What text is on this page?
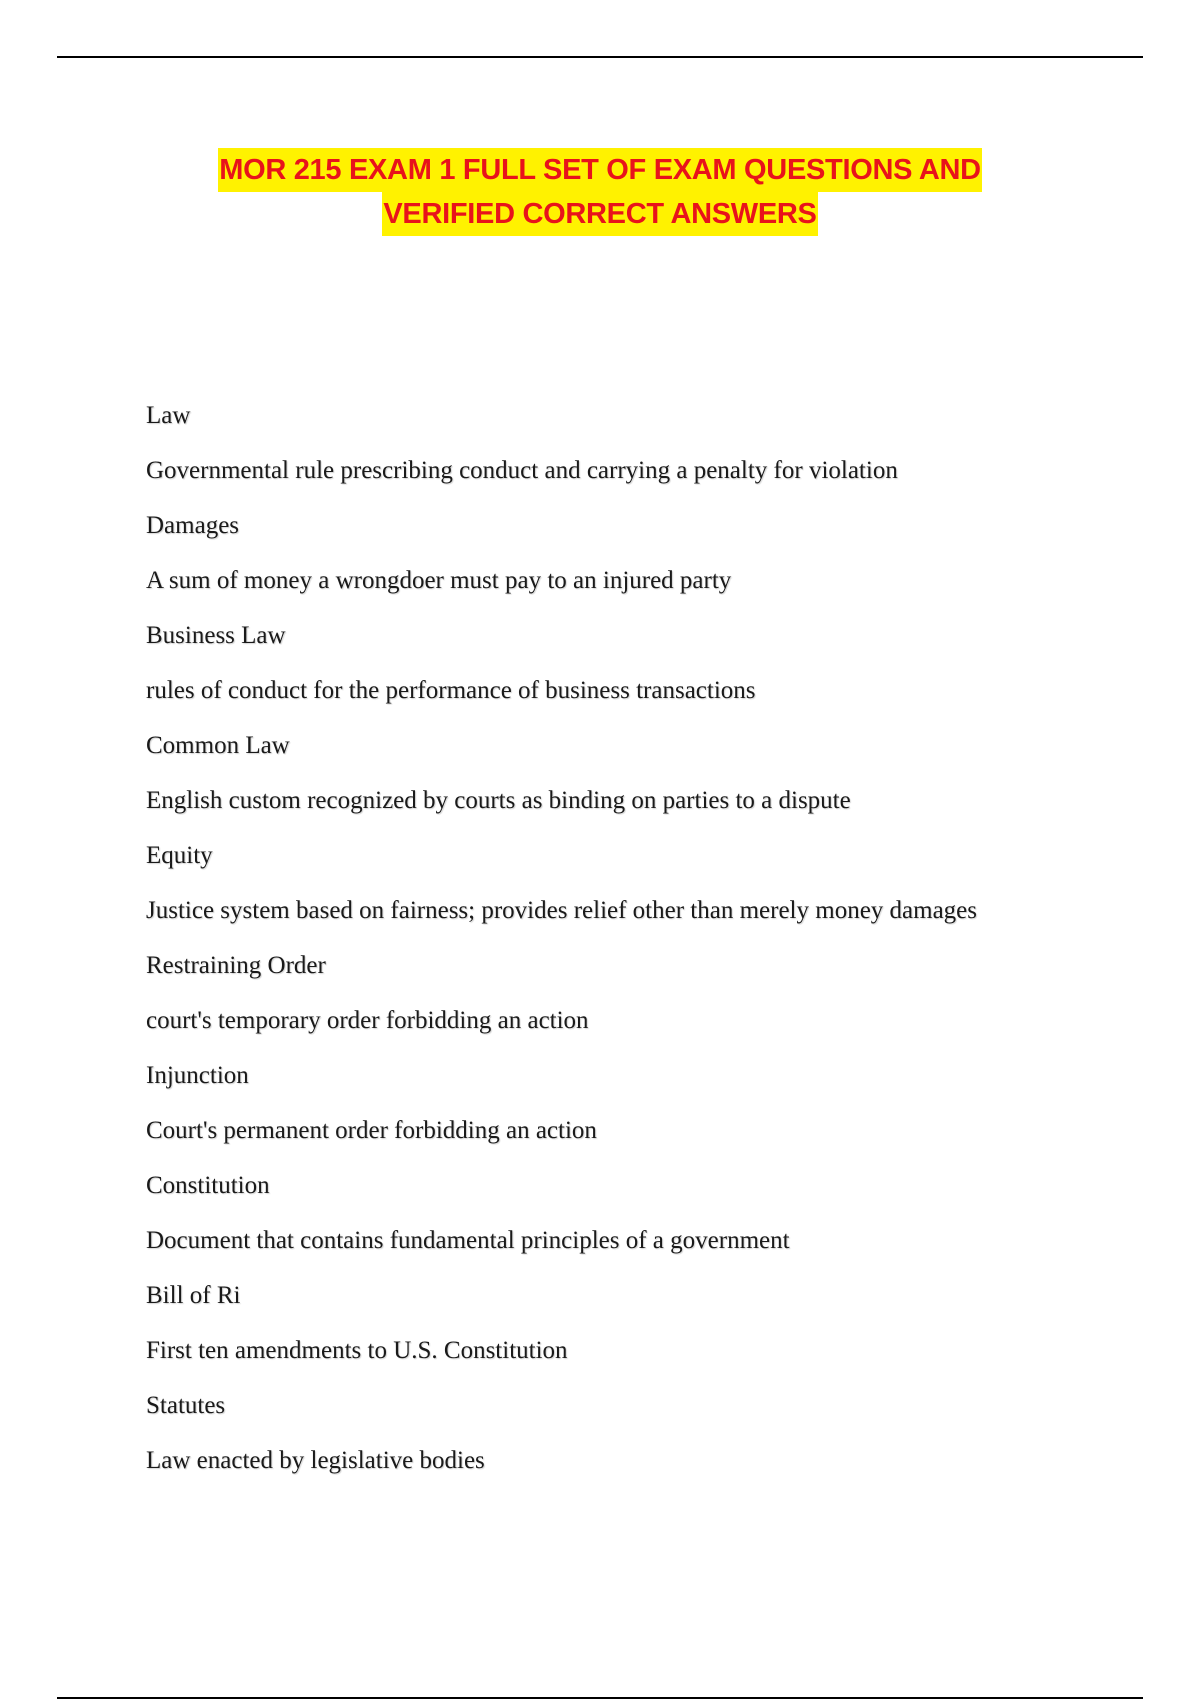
MOR 215 EXAM 1 FULL SET OF EXAM QUESTIONS AND
VERIFIED CORRECT ANSWERS
Law
Governmental rule prescribing conduct and carrying a penalty for violation
Damages
A sum of money a wrongdoer must pay to an injured party
Business Law
rules of conduct for the performance of business transactions
Common Law
English custom recognized by courts as binding on parties to a dispute
Equity
Justice system based on fairness; provides relief other than merely money damages
Restraining Order
court's temporary order forbidding an action
Injunction
Court's permanent order forbidding an action
Constitution
Document that contains fundamental principles of a government
Bill of Ri
First ten amendments to U.S. Constitution
Statutes
Law enacted by legislative bodies
